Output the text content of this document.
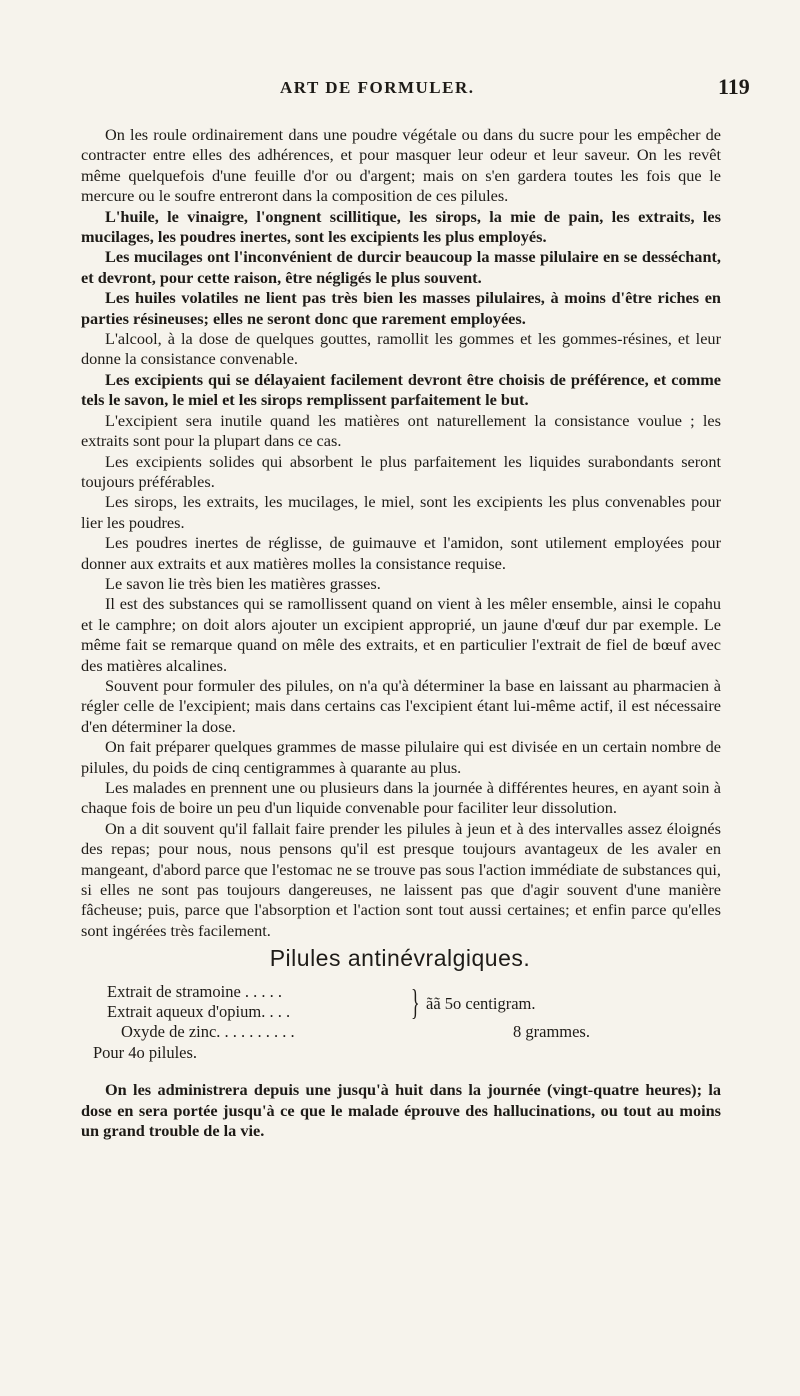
ART DE FORMULER.	119

On les roule ordinairement dans une poudre végétale ou dans du sucre pour les empêcher de contracter entre elles des adhérences, et pour masquer leur odeur et leur saveur. On les revêt même quelquefois d'une feuille d'or ou d'argent; mais on s'en gardera toutes les fois que le mercure ou le soufre entreront dans la composition de ces pilules.

L'huile, le vinaigre, l'ongnent scillitique, les sirops, la mie de pain, les extraits, les mucilages, les poudres inertes, sont les excipients les plus employés.

Les mucilages ont l'inconvénient de durcir beaucoup la masse pilulaire en se desséchant, et devront, pour cette raison, être négligés le plus souvent.

Les huiles volatiles ne lient pas très bien les masses pilulaires, à moins d'être riches en parties résineuses; elles ne seront donc que rarement employées.

L'alcool, à la dose de quelques gouttes, ramollit les gommes et les gommes-résines, et leur donne la consistance convenable.

Les excipients qui se délayaient facilement devront être choisis de préférence, et comme tels le savon, le miel et les sirops remplissent parfaitement le but.

L'excipient sera inutile quand les matières ont naturellement la consistance voulue ; les extraits sont pour la plupart dans ce cas.

Les excipients solides qui absorbent le plus parfaitement les liquides surabondants seront toujours préférables.

Les sirops, les extraits, les mucilages, le miel, sont les excipients les plus convenables pour lier les poudres.

Les poudres inertes de réglisse, de guimauve et l'amidon, sont utilement employées pour donner aux extraits et aux matières molles la consistance requise.

Le savon lie très bien les matières grasses.

Il est des substances qui se ramollissent quand on vient à les mêler ensemble, ainsi le copahu et le camphre; on doit alors ajouter un excipient approprié, un jaune d'œuf dur par exemple. Le même fait se remarque quand on mêle des extraits, et en particulier l'extrait de fiel de bœuf avec des matières alcalines.

Souvent pour formuler des pilules, on n'a qu'à déterminer la base en laissant au pharmacien à régler celle de l'excipient; mais dans certains cas l'excipient étant lui-même actif, il est nécessaire d'en déterminer la dose.

On fait préparer quelques grammes de masse pilulaire qui est divisée en un certain nombre de pilules, du poids de cinq centigrammes à quarante au plus.

Les malades en prennent une ou plusieurs dans la journée à différentes heures, en ayant soin à chaque fois de boire un peu d'un liquide convenable pour faciliter leur dissolution.

On a dit souvent qu'il fallait faire prender les pilules à jeun et à des intervalles assez éloignés des repas; pour nous, nous pensons qu'il est presque toujours avantageux de les avaler en mangeant, d'abord parce que l'estomac ne se trouve pas sous l'action immédiate de substances qui, si elles ne sont pas toujours dangereuses, ne laissent pas que d'agir souvent d'une manière fâcheuse; puis, parce que l'absorption et l'action sont tout aussi certaines; et enfin parce qu'elles sont ingérées très facilement.

Pilules antinévralgiques.
Extrait de stramoine . . . . .
Extrait aqueux d'opium. . . .
Oxyde de zinc. . . . . . . . . .	8 grammes.
} ãã 5o centigram.
Pour 4o pilules.
On les administrera depuis une jusqu'à huit dans la journée (vingt-quatre heures); la dose en sera portée jusqu'à ce que le malade éprouve des hallucinations, ou tout au moins un grand trouble de la vie.
